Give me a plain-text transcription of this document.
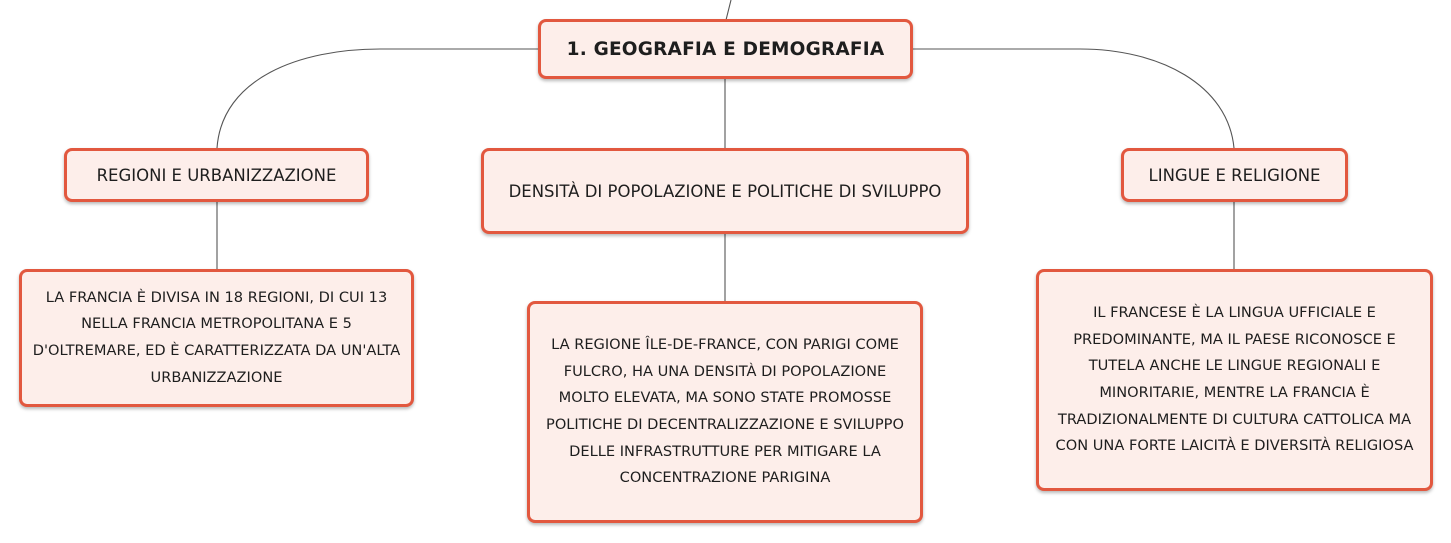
1. GEOGRAFIA E DEMOGRAFIA
REGIONI E URBANIZZAZIONE
DENSITÀ DI POPOLAZIONE E POLITICHE DI SVILUPPO
LINGUE E RELIGIONE
LA FRANCIA È DIVISA IN 18 REGIONI, DI CUI 13 NELLA FRANCIA METROPOLITANA E 5 D'OLTREMARE, ED È CARATTERIZZATA DA UN'ALTA URBANIZZAZIONE
LA REGIONE ÎLE-DE-FRANCE, CON PARIGI COME FULCRO, HA UNA DENSITÀ DI POPOLAZIONE MOLTO ELEVATA, MA SONO STATE PROMOSSE POLITICHE DI DECENTRALIZZAZIONE E SVILUPPO DELLE INFRASTRUTTURE PER MITIGARE LA CONCENTRAZIONE PARIGINA
IL FRANCESE È LA LINGUA UFFICIALE E PREDOMINANTE, MA IL PAESE RICONOSCE E TUTELA ANCHE LE LINGUE REGIONALI E MINORITARIE, MENTRE LA FRANCIA È TRADIZIONALMENTE DI CULTURA CATTOLICA MA CON UNA FORTE LAICITÀ E DIVERSITÀ RELIGIOSA
